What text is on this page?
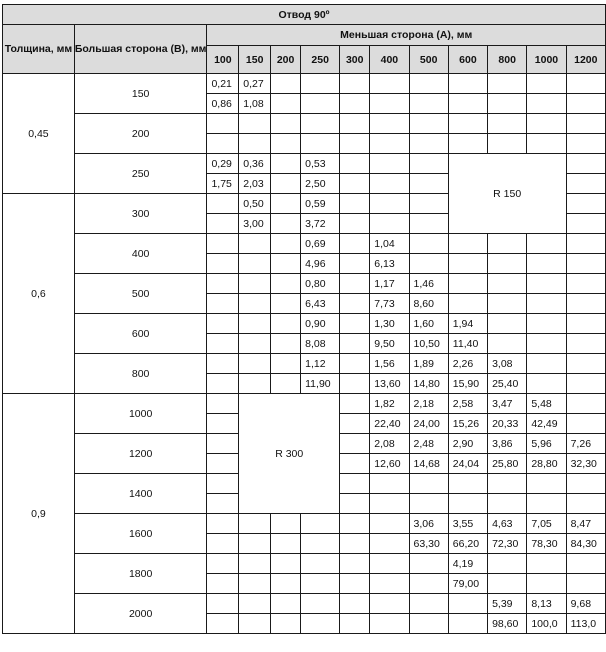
Отвод 90º												
Толщина, мм	Большая сторона (B), мм	Меньшая сторона (A), мм										
		100	150	200	250	300	400	500	600	800	1000	1200
0,45	150	0,21	0,27									
		0,86	1,08									
	200											

	250	0,29	0,36		0,53				R 150			
		1,75	2,03		2,50							
0,6	300		0,50		0,59							
			3,00		3,72							
	400				0,69		1,04					
					4,96		6,13					
	500				0,80		1,17	1,46				
					6,43		7,73	8,60				
	600				0,90		1,30	1,60	1,94			
					8,08		9,50	10,50	11,40			
	800				1,12		1,56	1,89	2,26	3,08		
					11,90		13,60	14,80	15,90	25,40		
0,9	1000		R 300				1,82	2,18	2,58	3,47	5,48	
							22,40	24,00	15,26	20,33	42,49	
	1200						2,08	2,48	2,90	3,86	5,96	7,26
							12,60	14,68	24,04	25,80	28,80	32,30
	1400											

	1600							3,06	3,55	4,63	7,05	8,47
								63,30	66,20	72,30	78,30	84,30
	1800								4,19			
									79,00			
	2000									5,39	8,13	9,68
										98,60	100,0	113,0
